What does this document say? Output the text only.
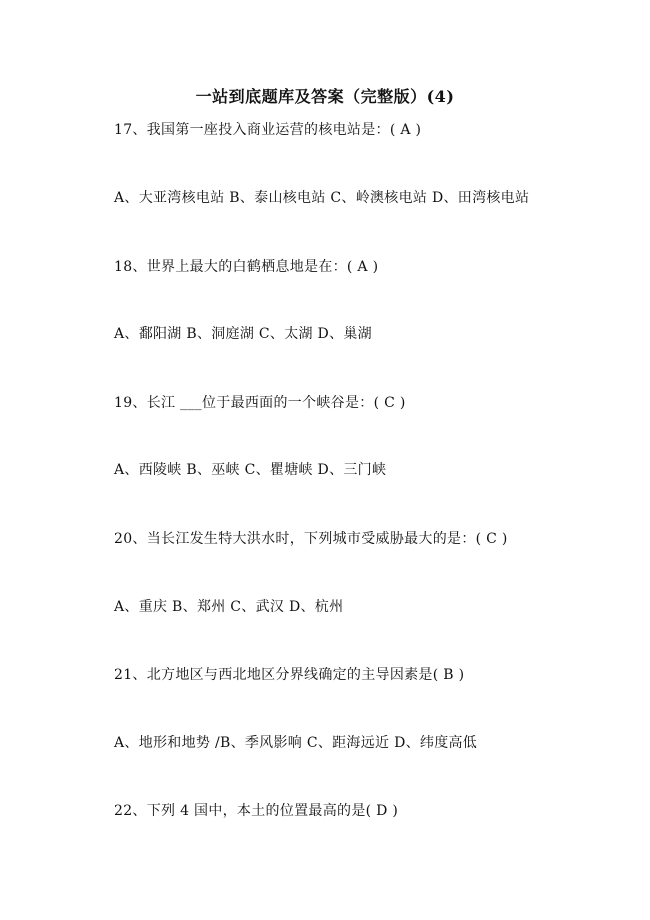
一站到底题库及答案（完整版）(4)
17、我国第一座投入商业运营的核电站是：( A )
A、大亚湾核电站 B、泰山核电站 C、岭澳核电站 D、田湾核电站
18、世界上最大的白鹤栖息地是在：( A )
A、鄱阳湖 B、洞庭湖 C、太湖 D、巢湖
19、长江 ___位于最西面的一个峡谷是：( C )
A、西陵峡 B、巫峡 C、瞿塘峡 D、三门峡
20、当长江发生特大洪水时，下列城市受威胁最大的是：( C )
A、重庆 B、郑州 C、武汉 D、杭州
21、北方地区与西北地区分界线确定的主导因素是( B )
A、地形和地势 /B、季风影响 C、距海远近 D、纬度高低
22、下列 4 国中，本土的位置最高的是( D )
